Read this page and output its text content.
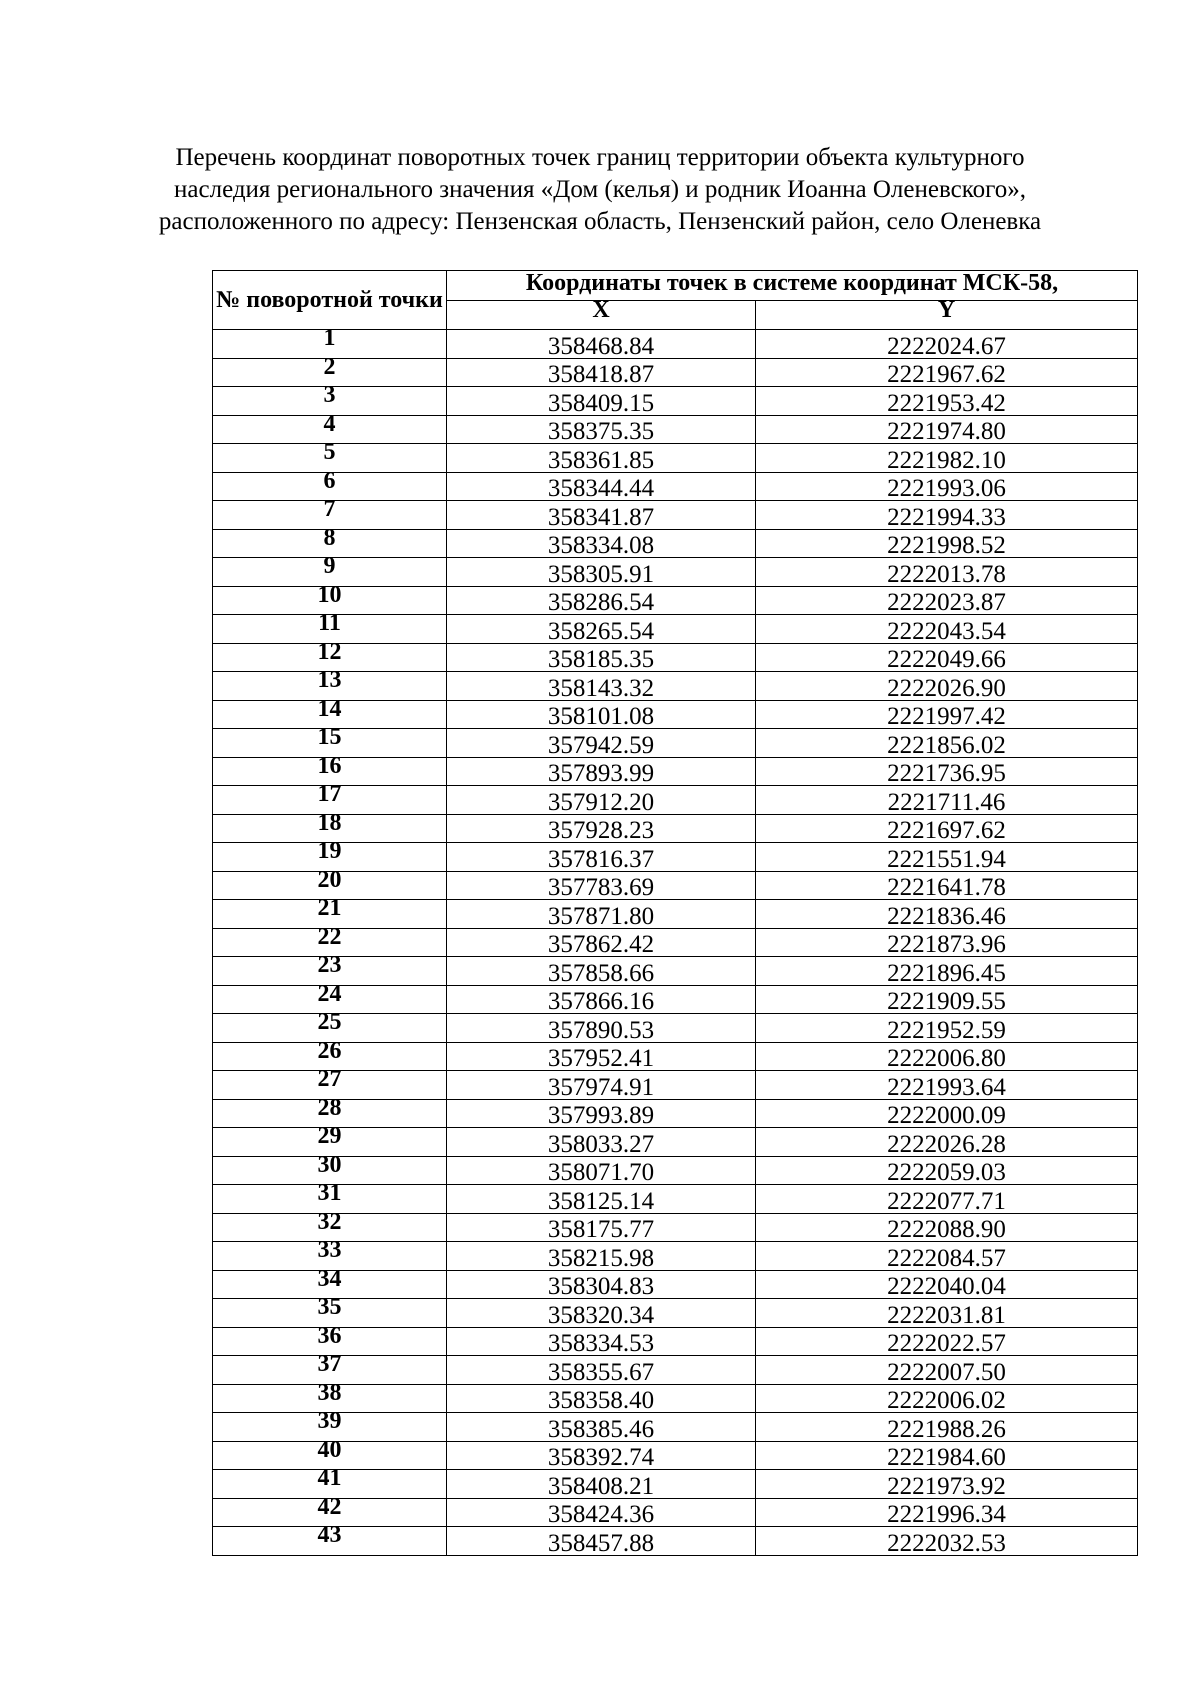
Перечень координат поворотных точек границ территории объекта культурного
наследия регионального значения «Дом (келья) и родник Иоанна Оленевского»,
расположенного по адресу: Пензенская область, Пензенский район, село Оленевка
№ поворотной точки	Координаты точек в системе координат МСК-58,	
	X	Y
1	358468.84	2222024.67
2	358418.87	2221967.62
3	358409.15	2221953.42
4	358375.35	2221974.80
5	358361.85	2221982.10
6	358344.44	2221993.06
7	358341.87	2221994.33
8	358334.08	2221998.52
9	358305.91	2222013.78
10	358286.54	2222023.87
11	358265.54	2222043.54
12	358185.35	2222049.66
13	358143.32	2222026.90
14	358101.08	2221997.42
15	357942.59	2221856.02
16	357893.99	2221736.95
17	357912.20	2221711.46
18	357928.23	2221697.62
19	357816.37	2221551.94
20	357783.69	2221641.78
21	357871.80	2221836.46
22	357862.42	2221873.96
23	357858.66	2221896.45
24	357866.16	2221909.55
25	357890.53	2221952.59
26	357952.41	2222006.80
27	357974.91	2221993.64
28	357993.89	2222000.09
29	358033.27	2222026.28
30	358071.70	2222059.03
31	358125.14	2222077.71
32	358175.77	2222088.90
33	358215.98	2222084.57
34	358304.83	2222040.04
35	358320.34	2222031.81
36	358334.53	2222022.57
37	358355.67	2222007.50
38	358358.40	2222006.02
39	358385.46	2221988.26
40	358392.74	2221984.60
41	358408.21	2221973.92
42	358424.36	2221996.34
43	358457.88	2222032.53
